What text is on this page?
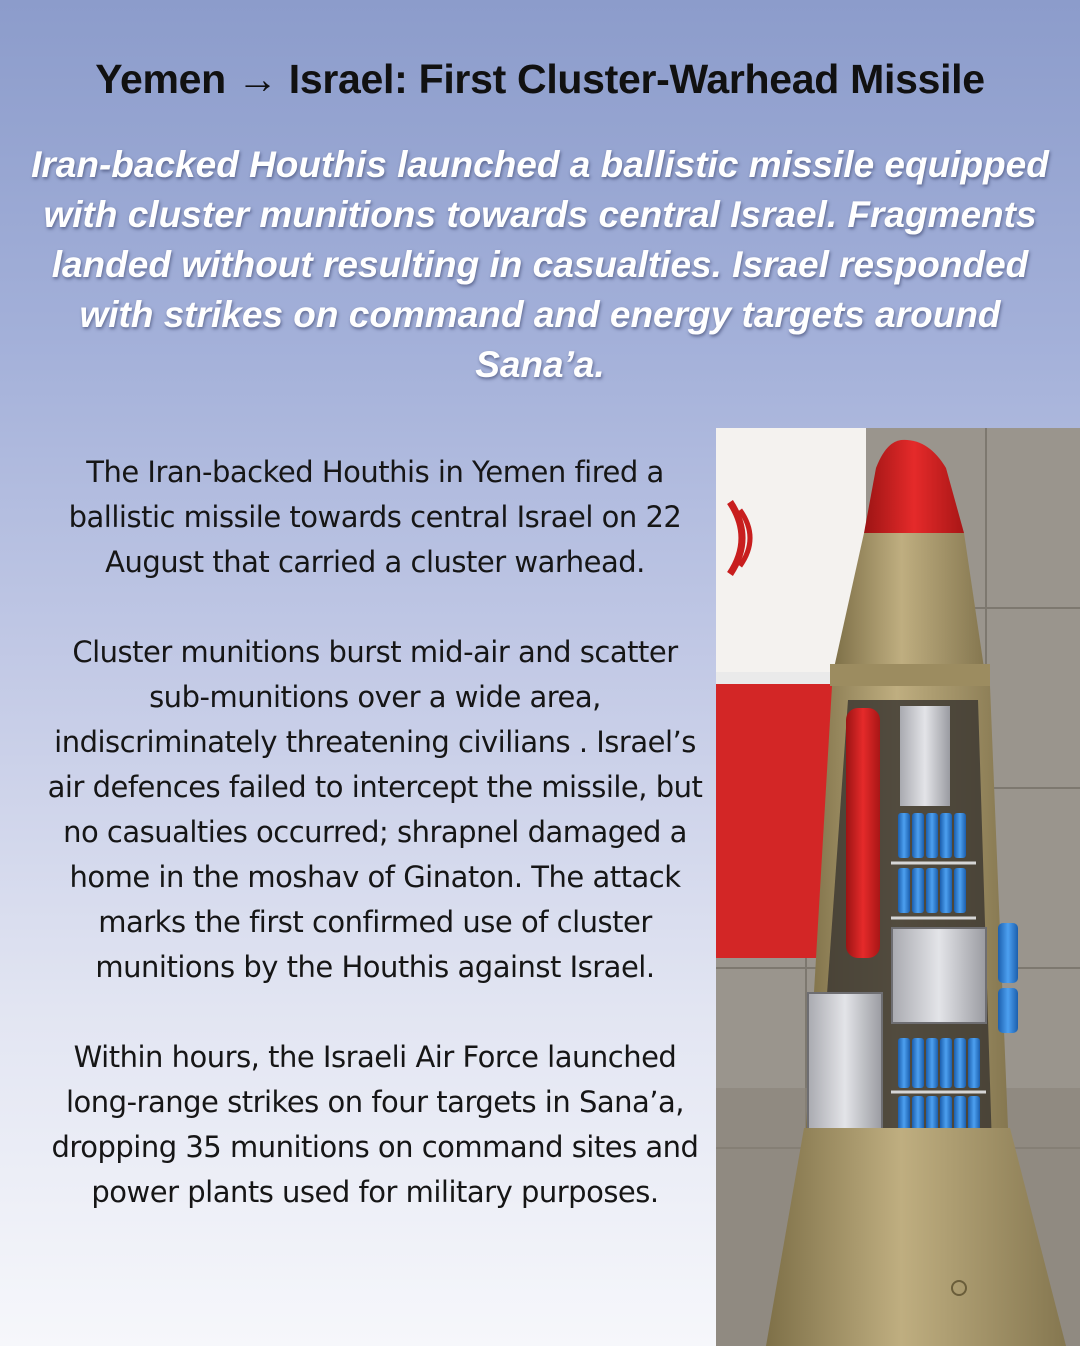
Yemen → Israel: First Cluster-Warhead Missile

Iran-backed Houthis launched a ballistic missile equipped with cluster munitions towards central Israel. Fragments landed without resulting in casualties. Israel responded with strikes on command and energy targets around Sana’a.

The Iran-backed Houthis in Yemen fired a ballistic missile towards central Israel on 22 August that carried a cluster warhead.

Cluster munitions burst mid-air and scatter sub-munitions over a wide area, indiscriminately threatening civilians . Israel’s air defences failed to intercept the missile, but no casualties occurred; shrapnel damaged a home in the moshav of Ginaton. The attack marks the first confirmed use of cluster munitions by the Houthis against Israel.

Within hours, the Israeli Air Force launched long-range strikes on four targets in Sana’a, dropping 35 munitions on command sites and power plants used for military purposes.
